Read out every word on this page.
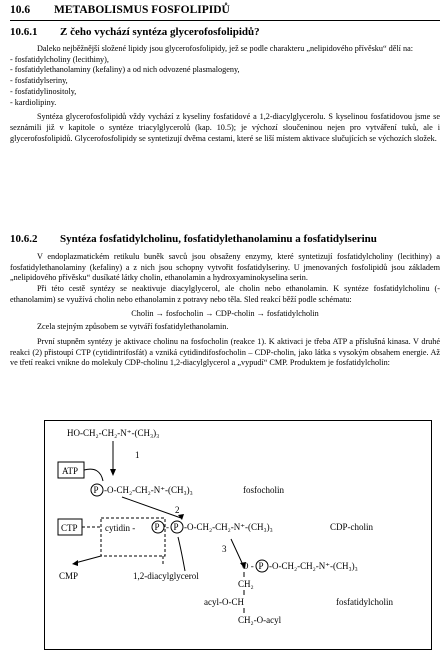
10.6 METABOLISMUS FOSFOLIPIDŮ
10.6.1 Z čeho vychází syntéza glycerofosfolipidů?

Daleko nejběžnější složené lipidy jsou glycerofosfolipidy, jež se podle charakteru „nelipidového přívěsku“ dělí na:

- fosfatidylcholiny (lecithiny),
- fosfatidylethanolaminy (kefaliny) a od nich odvozené plasmalogeny,
- fosfatidylseriny,
- fosfatidylinositoly,
- kardiolipiny.

Syntéza glycerofosfolipidů vždy vychází z kyseliny fosfatidové a 1,2-diacylglycerolu. S kyselinou fosfatidovou jsme se seznámili již v kapitole o syntéze triacylglycerolů (kap. 10.5); je výchozí sloučeninou nejen pro vytváření tuků, ale i glycerofosfolipidů. Glycerofosfolipidy se syntetizují dvěma cestami, které se liší místem aktivace slučujících se výchozích složek.

10.6.2 Syntéza fosfatidylcholinu, fosfatidylethanolaminu a fosfatidylserinu

V endoplazmatickém retikulu buněk savců jsou obsaženy enzymy, které syntetizují fosfatidylcholiny (lecithiny) a fosfatidylethanolaminy (kefaliny) a z nich jsou schopny vytvořit fosfatidylseriny. U jmenovaných fosfolipidů jsou základem „nelipidového přívěsku“ dusíkaté látky cholin, ethanolamin a hydroxyaminokyselina serin.

Při této cestě syntézy se neaktivuje diacylglycerol, ale cholin nebo ethanolamin. K syntéze fosfatidylcholinu (-ethanolamim) se využívá cholin nebo ethanolamin z potravy nebo těla. Sled reakcí běží podle schématu:

Cholin → fosfocholin → CDP-cholin → fosfatidylcholin

Zcela stejným způsobem se vytváří fosfatidylethanolamin.

První stupněm syntézy je aktivace cholinu na fosfocholin (reakce 1). K aktivaci je třeba ATP a příslušná kinasa. V druhé reakci (2) přistoupí CTP (cytidintrifosfát) a vzniká cytidindifosfocholin – CDP-cholin, jako látka s vysokým obsahem energie. Až ve třetí reakci vnikne do molekuly CDP-cholinu 1,2-diacylglycerol a „vypudí“ CMP. Produktem je fosfatidylcholin:

HO-CH₂-CH₂-N⁺-(CH₃)₃
1
ATP
P -O-CH₂-CH₂-N⁺-(CH₃)₃	fosfocholin
2
CTP	cytidin - P - P -O-CH₂-CH₂-N⁺-(CH₃)₃	CDP-cholin
CMP	1,2-diacylglycerol
3
O - P -O-CH₂-CH₂-N⁺-(CH₃)₃
CH₂
acyl-O-CH	fosfatidylcholin
CH₂-O-acyl
